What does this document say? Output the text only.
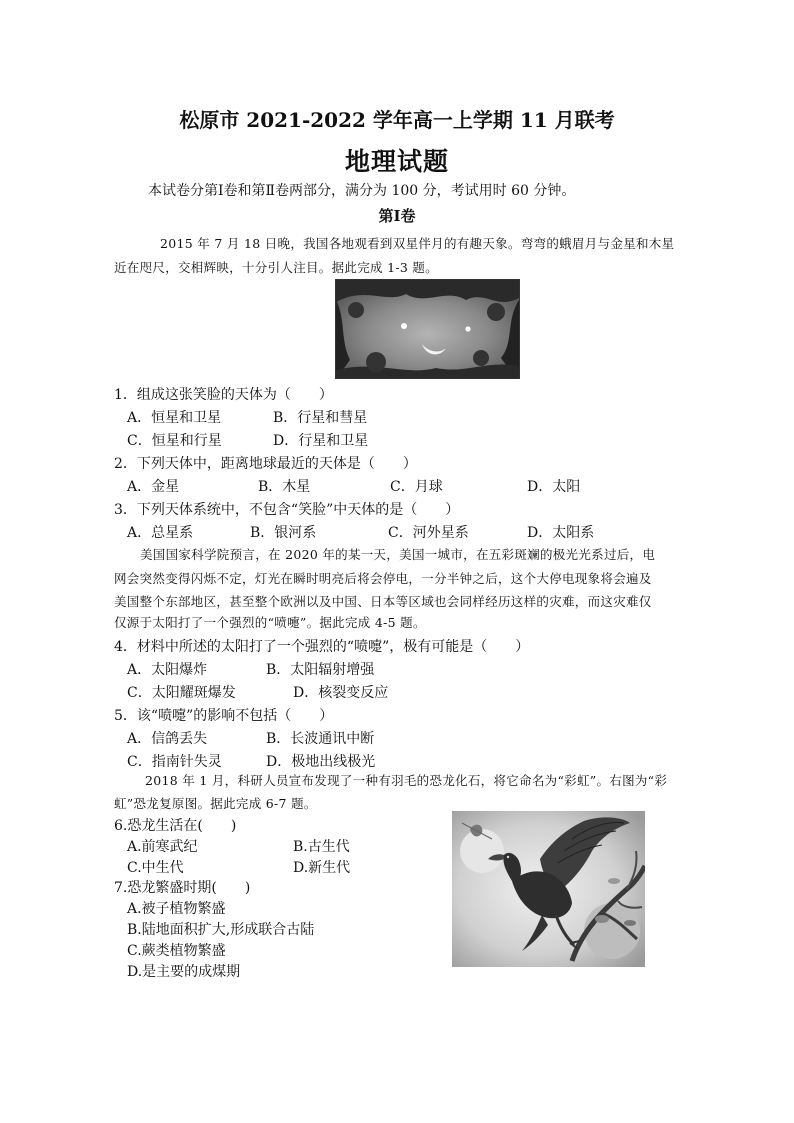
松原市 2021-2022 学年高一上学期 11 月联考
地理试题
本试卷分第Ⅰ卷和第Ⅱ卷两部分，满分为 100 分，考试用时 60 分钟。
第Ⅰ卷
2015 年 7 月 18 日晚，我国各地观看到双星伴月的有趣天象。弯弯的蛾眉月与金星和木星
近在咫尺，交相辉映，十分引人注目。据此完成 1-3 题。
1．组成这张笑脸的天体为（　　）
A．恒星和卫星	B．行星和彗星
C．恒星和行星	D．行星和卫星
2．下列天体中，距离地球最近的天体是（　　）
A．金星	B．木星	C．月球	D．太阳
3．下列天体系统中，不包含“笑脸”中天体的是（　　）
A．总星系	B．银河系	C．河外星系	D．太阳系
美国国家科学院预言，在 2020 年的某一天，美国一城市，在五彩斑斓的极光光系过后，电
网会突然变得闪烁不定，灯光在瞬时明亮后将会停电，一分半钟之后，这个大停电现象将会遍及
美国整个东部地区，甚至整个欧洲以及中国、日本等区域也会同样经历这样的灾难，而这灾难仅
仅源于太阳打了一个强烈的“喷嚏”。据此完成 4-5 题。
4．材料中所述的太阳打了一个强烈的“喷嚏”，极有可能是（　　）
A．太阳爆炸	B．太阳辐射增强
C．太阳耀斑爆发	D．核裂变反应
5．该“喷嚏”的影响不包括（　　）
A．信鸽丢失	B．长波通讯中断
C．指南针失灵	D．极地出线极光
2018 年 1 月，科研人员宣布发现了一种有羽毛的恐龙化石，将它命名为“彩虹”。右图为“彩
虹”恐龙复原图。据此完成 6-7 题。
6.恐龙生活在(　　)
A.前寒武纪	B.古生代
C.中生代	D.新生代
7.恐龙繁盛时期(　　)
A.被子植物繁盛
B.陆地面积扩大,形成联合古陆
C.蕨类植物繁盛
D.是主要的成煤期
